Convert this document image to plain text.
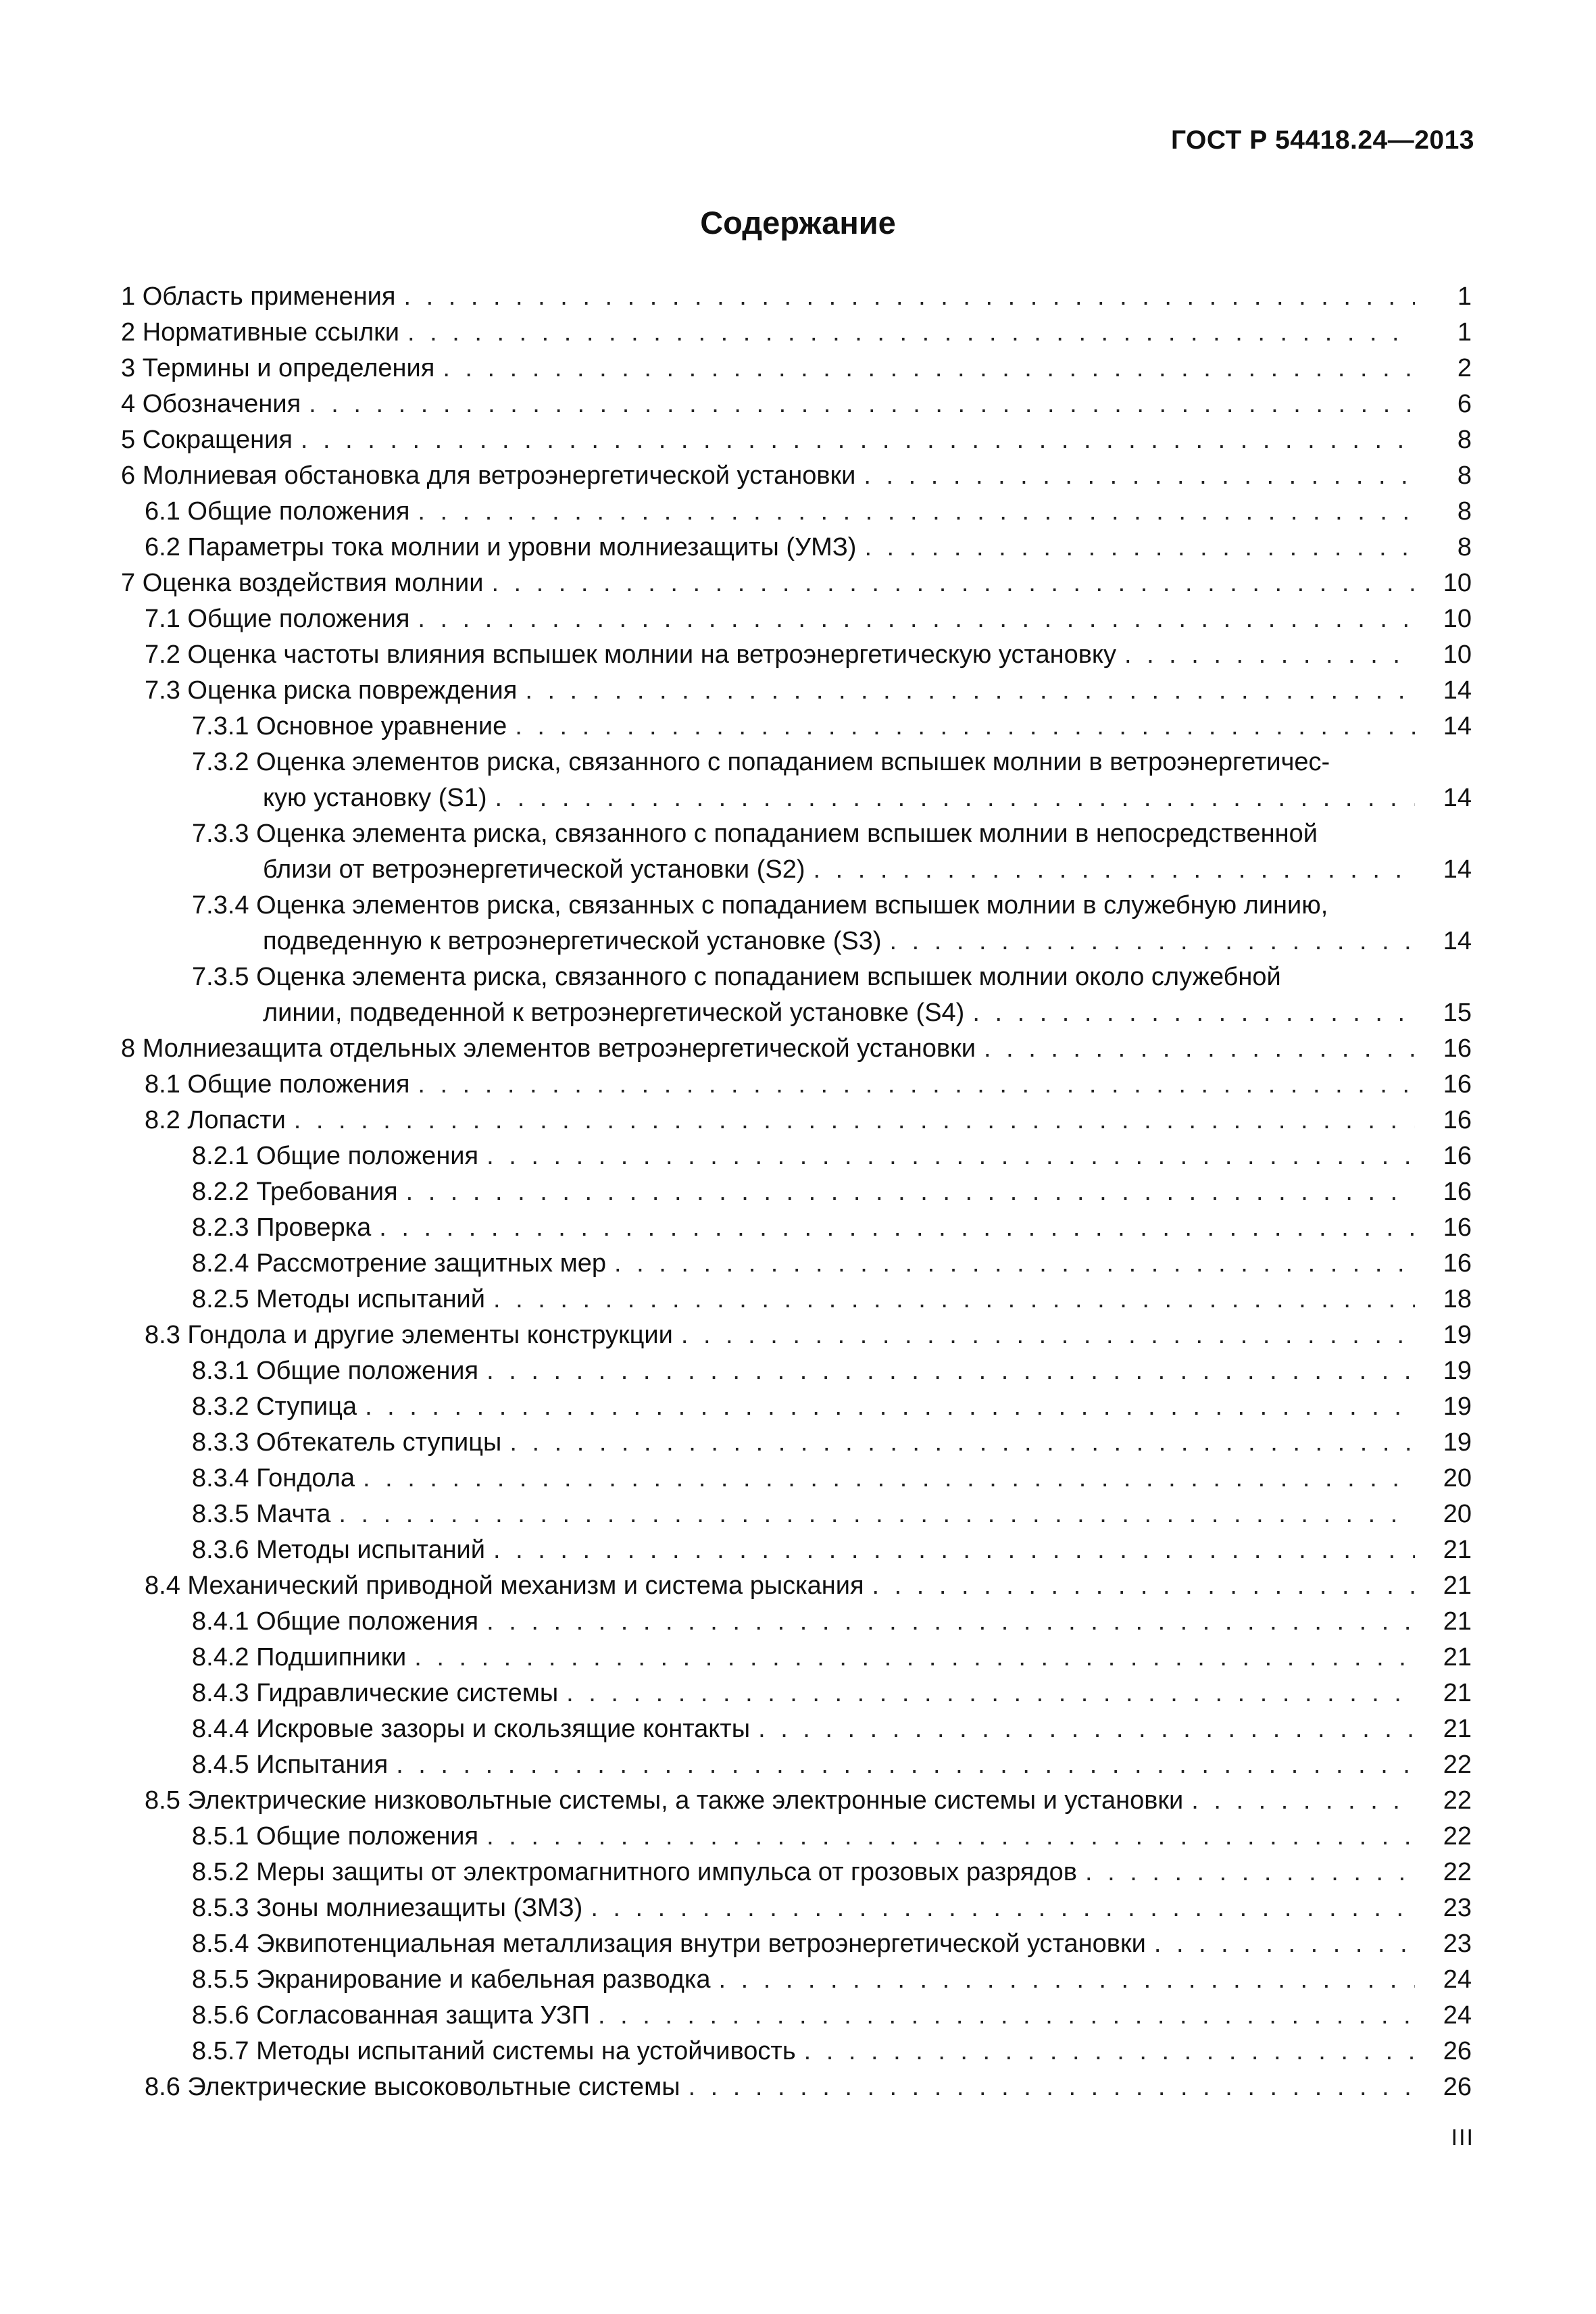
ГОСТ Р 54418.24—2013
Содержание
1 Область применения . . .	1
2 Нормативные ссылки . . .	1
3 Термины и определения . . .	2
4 Обозначения . . .	6
5 Сокращения . . .	8
6 Молниевая обстановка для ветроэнергетической установки . . .	8
6.1 Общие положения . . .	8
6.2 Параметры тока молнии и уровни молниезащиты (УМЗ) . . .	8
7 Оценка воздействия молнии . . .	10
7.1 Общие положения . . .	10
7.2 Оценка частоты влияния вспышек молнии на ветроэнергетическую установку . . .	10
7.3 Оценка риска повреждения . . .	14
7.3.1 Основное уравнение . . .	14
7.3.2 Оценка элементов риска, связанного с попаданием вспышек молнии в ветроэнергетичес-
кую установку (S1) . . .	14
7.3.3 Оценка элемента риска, связанного с попаданием вспышек молнии в непосредственной
близи от ветроэнергетической установки (S2) . . .	14
7.3.4 Оценка элементов риска, связанных с попаданием вспышек молнии в служебную линию,
подведенную к ветроэнергетической установке (S3) . . .	14
7.3.5 Оценка элемента риска, связанного с попаданием вспышек молнии около служебной
линии, подведенной к ветроэнергетической установке (S4) . . .	15
8 Молниезащита отдельных элементов ветроэнергетической установки . . .	16
8.1 Общие положения . . .	16
8.2 Лопасти . . .	16
8.2.1 Общие положения . . .	16
8.2.2 Требования . . .	16
8.2.3 Проверка . . .	16
8.2.4 Рассмотрение защитных мер . . .	16
8.2.5 Методы испытаний . . .	18
8.3 Гондола и другие элементы конструкции . . .	19
8.3.1 Общие положения . . .	19
8.3.2 Ступица . . .	19
8.3.3 Обтекатель ступицы . . .	19
8.3.4 Гондола . . .	20
8.3.5 Мачта . . .	20
8.3.6 Методы испытаний . . .	21
8.4 Механический приводной механизм и система рыскания . . .	21
8.4.1 Общие положения . . .	21
8.4.2 Подшипники . . .	21
8.4.3 Гидравлические системы . . .	21
8.4.4 Искровые зазоры и скользящие контакты . . .	21
8.4.5 Испытания . . .	22
8.5 Электрические низковольтные системы, а также электронные системы и установки . . .	22
8.5.1 Общие положения . . .	22
8.5.2 Меры защиты от электромагнитного импульса от грозовых разрядов . . .	22
8.5.3 Зоны молниезащиты (ЗМЗ) . . .	23
8.5.4 Эквипотенциальная металлизация внутри ветроэнергетической установки . . .	23
8.5.5 Экранирование и кабельная разводка . . .	24
8.5.6 Согласованная защита УЗП . . .	24
8.5.7 Методы испытаний системы на устойчивость . . .	26
8.6 Электрические высоковольтные системы . . .	26
III
